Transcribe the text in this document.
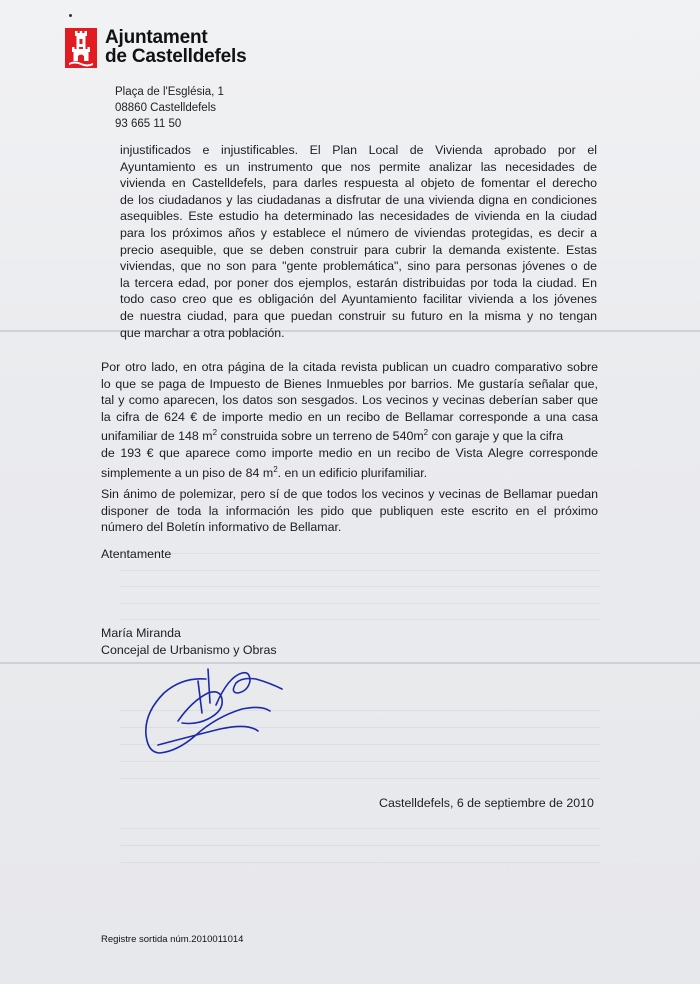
Ajuntament
de Castelldefels
Plaça de l'Església, 1
08860 Castelldefels
93 665 11 50
injustificados e injustificables. El Plan Local de Vivienda aprobado por el
Ayuntamiento es un instrumento que nos permite analizar las necesidades de
vivienda en Castelldefels, para darles respuesta al objeto de fomentar el derecho
de los ciudadanos y las ciudadanas a disfrutar de una vivienda digna en condiciones
asequibles. Este estudio ha determinado las necesidades de vivienda en la ciudad
para los próximos años y establece el número de viviendas protegidas, es decir a
precio asequible, que se deben construir para cubrir la demanda existente. Estas
viviendas, que no son para "gente problemática", sino para personas jóvenes o de
la tercera edad, por poner dos ejemplos, estarán distribuidas por toda la ciudad. En
todo caso creo que es obligación del Ayuntamiento facilitar vivienda a los jóvenes
de nuestra ciudad, para que puedan construir su futuro en la misma y no tengan
que marchar a otra población.
Por otro lado, en otra página de la citada revista publican un cuadro comparativo sobre
lo que se paga de Impuesto de Bienes Inmuebles por barrios. Me gustaría señalar que,
tal y como aparecen, los datos son sesgados. Los vecinos y vecinas deberían saber que
la cifra de 624 € de importe medio en un recibo de Bellamar corresponde a una casa
unifamiliar de 148 $m^2$ construida sobre un terreno de $540m^2$ con garaje y que la cifra
de 193 € que aparece como importe medio en un recibo de Vista Alegre corresponde
simplemente a un piso de 84 $m^2$. en un edificio plurifamiliar.
Sin ánimo de polemizar, pero sí de que todos los vecinos y vecinas de Bellamar puedan
disponer de toda la información les pido que publiquen este escrito en el próximo
número del Boletín informativo de Bellamar.
Atentamente
María Miranda
Concejal de Urbanismo y Obras
Castelldefels, 6 de septiembre de 2010
Registre sortida núm.2010011014
